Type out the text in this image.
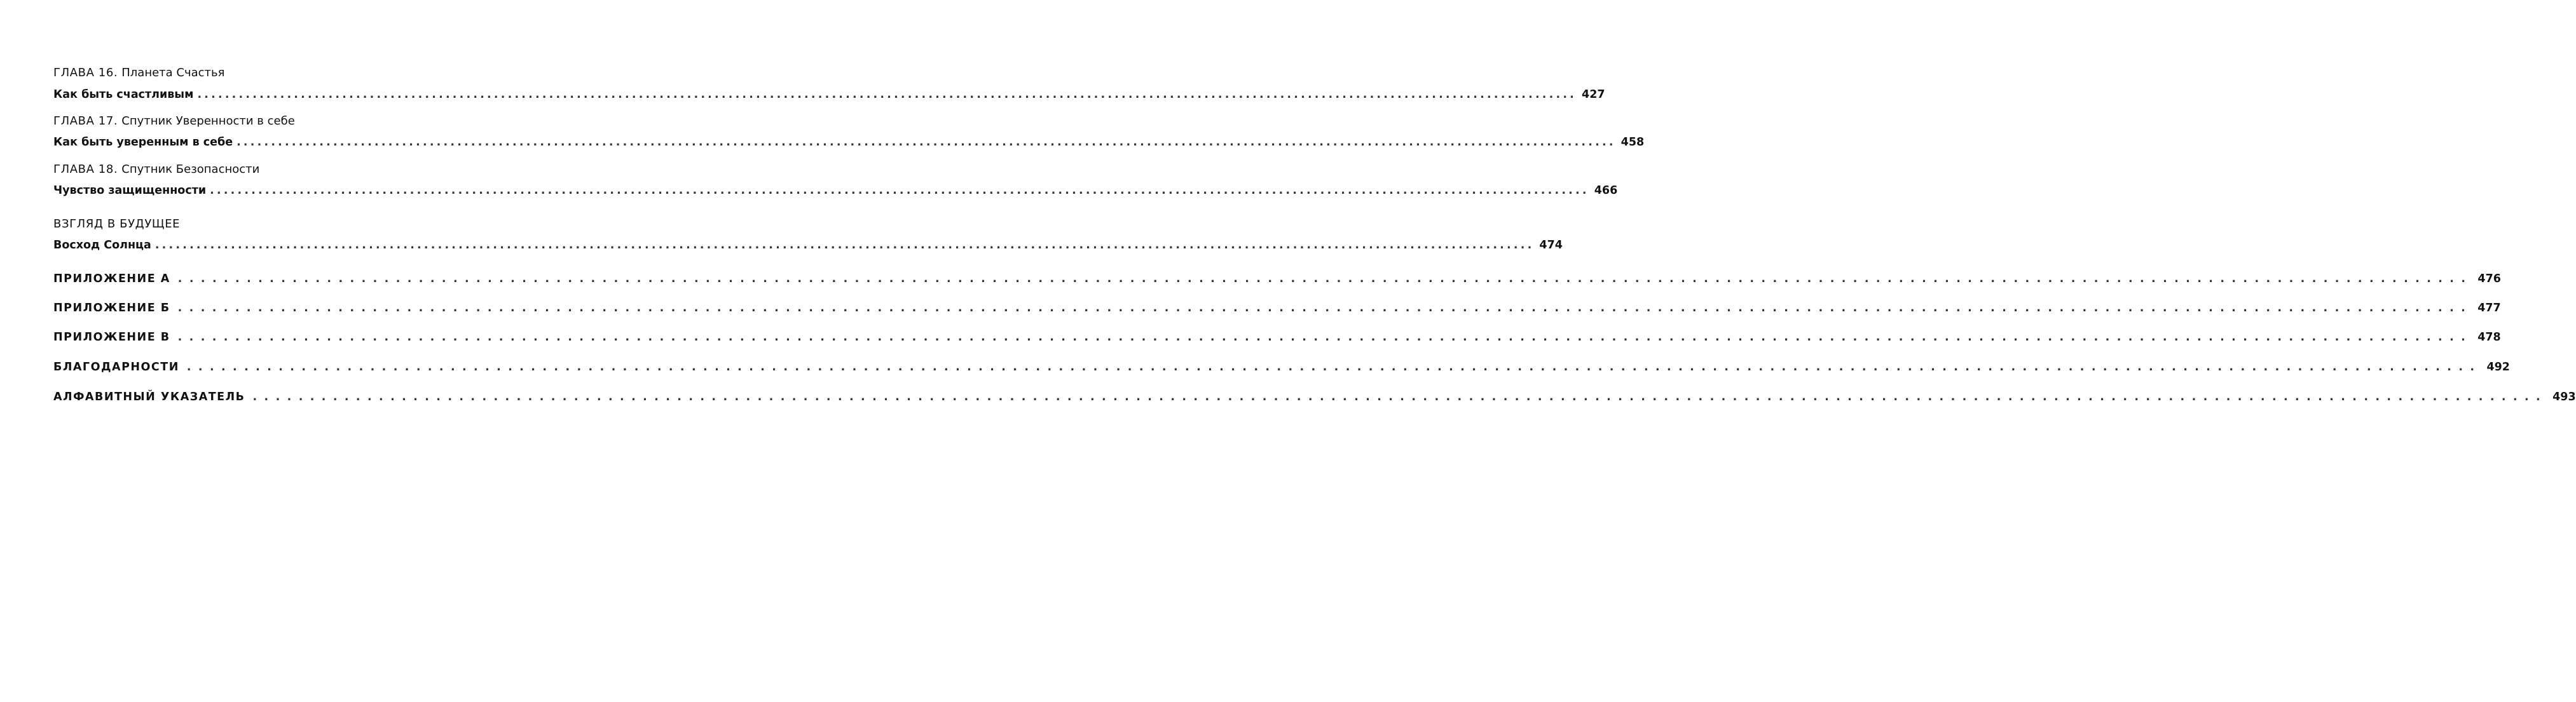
ГЛАВА 16. Планета Счастья
Как быть счастливым ........................................................................................................................................................................................................ 427
ГЛАВА 17. Спутник Уверенности в себе
Как быть уверенным в себе ........................................................................................................................................................................................................ 458
ГЛАВА 18. Спутник Безопасности
Чувство защищенности ........................................................................................................................................................................................................ 466
ВЗГЛЯД В БУДУЩЕЕ
Восход Солнца ........................................................................................................................................................................................................ 474
ПРИЛОЖЕНИЕ А ........................................................................................................................................................................................................ 476
ПРИЛОЖЕНИЕ Б ........................................................................................................................................................................................................ 477
ПРИЛОЖЕНИЕ В ........................................................................................................................................................................................................ 478
БЛАГОДАРНОСТИ ........................................................................................................................................................................................................ 492
АЛФАВИТНЫЙ УКАЗАТЕЛЬ ........................................................................................................................................................................................................ 493
